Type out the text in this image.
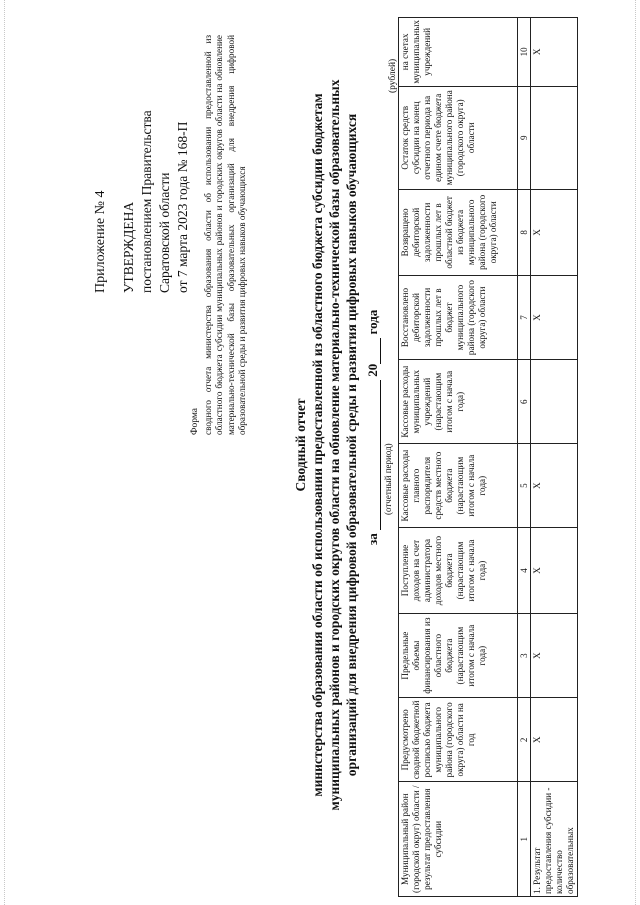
Приложение № 4 УТВЕРЖДЕНА постановлением Правительства Саратовской области от 7 марта 2023 года № 168-П
Форма сводного отчета министерства образования области об использовании предоставленной из областного бюджета субсидии муниципальных районов и городских округов области на обновление материально-технической базы образовательных организаций для внедрения цифровой образовательной среды и развития цифровых навыков обучающихся
Сводный отчет министерства образования области об использовании предоставленной из областного бюджета субсидии бюджетам муниципальных районов и городских округов области на обновление материально-технической базы образовательных организаций для внедрения цифровой образовательной среды и развития цифровых навыков обучающихся за  20 года
(отчетный период)
(рублей)
Муниципальный район (городской округ) области / результат предоставления субсидии	Предусмотрено сводной бюджетной росписью бюджета муниципального района (городского округа) области на год	Предельные объемы финансирования из областного бюджета (нарастающим итогом с начала года)	Поступление доходов на счет администратора доходов местного бюджета (нарастающим итогом с начала года)	Кассовые расходы главного распорядителя средств местного бюджета (нарастающим итогом с начала года)	Кассовые расходы муниципальных учреждений (нарастающим итогом с начала года)	Восстановлено дебиторской задолженности прошлых лет в бюджет муниципального района (городского округа) области	Возвращено дебиторской задолженности прошлых лет в областной бюджет из бюджета муниципального района (городского округа) области	Остаток средств субсидии на конец отчетного периода на едином счете бюджета муниципального района (городского округа) области	на счетах муниципальных учреждений
1	2	3	4	5	6	7	8	9	10
1. Результат предоставления субсидии - количество образовательных	X	X	X	X		X	X		X
